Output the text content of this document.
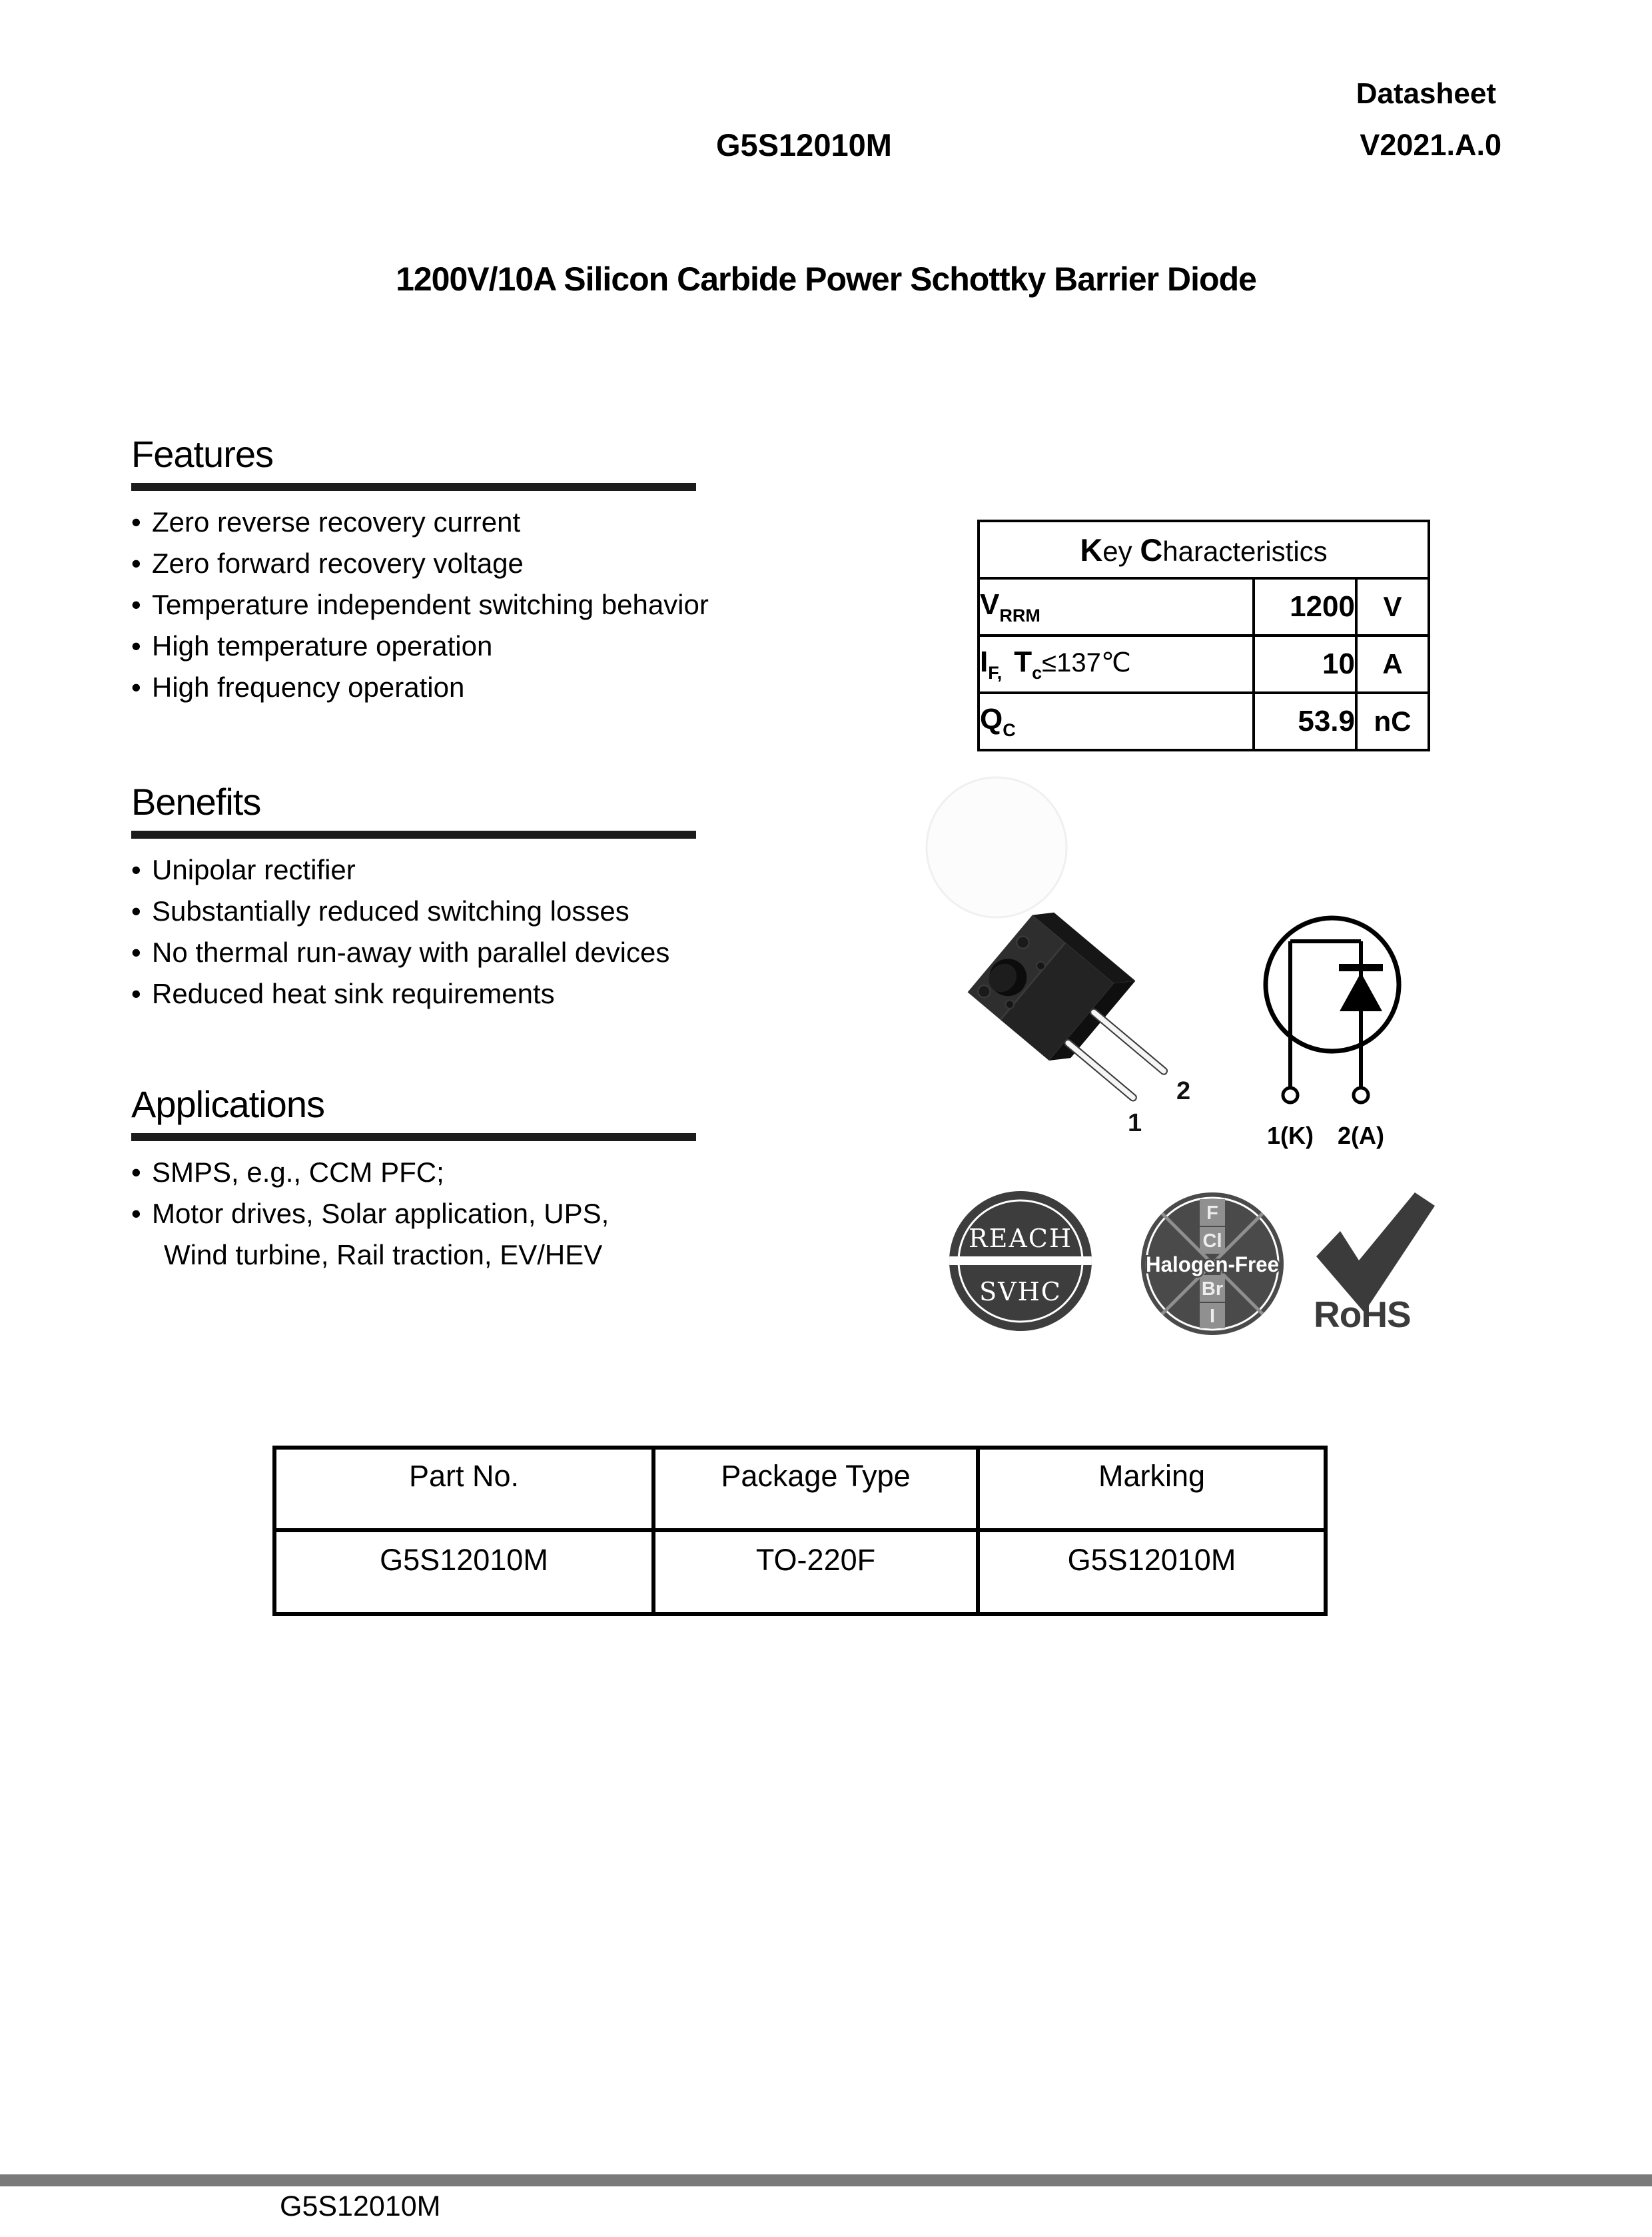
Datasheet
G5S12010M	V2021.A.0
1200V/10A Silicon Carbide Power Schottky Barrier Diode
Features
• Zero reverse recovery current
• Zero forward recovery voltage
• Temperature independent switching behavior
• High temperature operation
• High frequency operation
Benefits
• Unipolar rectifier
• Substantially reduced switching losses
• No thermal run-away with parallel devices
• Reduced heat sink requirements
Applications
• SMPS, e.g., CCM PFC;
• Motor drives, Solar application, UPS,
Wind turbine, Rail traction, EV/HEV
Key Characteristics		
VRRM	1200	V
IF, Tc≤137℃	10	A
QC	53.9	nC
1
2
1(K) 2(A)
REACH
SVHC
F
Cl
Br
I
Halogen-Free
RoHS
Part No.	Package Type	Marking
G5S12010M	TO-220F	G5S12010M
G5S12010M
